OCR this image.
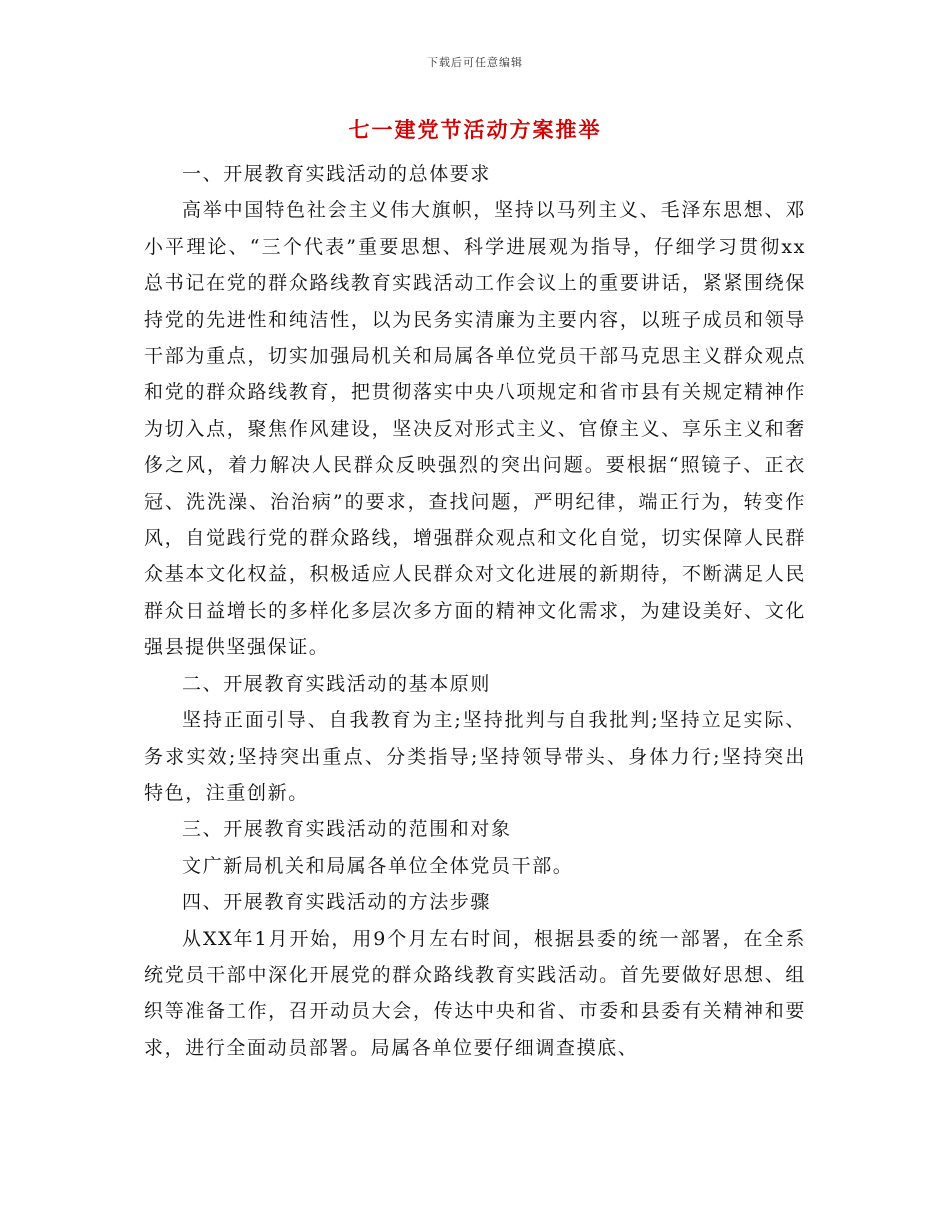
下载后可任意编辑
七一建党节活动方案推举

一、开展教育实践活动的总体要求

高举中国特色社会主义伟大旗帜，坚持以马列主义、毛泽东思想、邓小平理论、“三个代表”重要思想、科学进展观为指导，仔细学习贯彻xx总书记在党的群众路线教育实践活动工作会议上的重要讲话，紧紧围绕保持党的先进性和纯洁性，以为民务实清廉为主要内容，以班子成员和领导干部为重点，切实加强局机关和局属各单位党员干部马克思主义群众观点和党的群众路线教育，把贯彻落实中央八项规定和省市县有关规定精神作为切入点，聚焦作风建设，坚决反对形式主义、官僚主义、享乐主义和奢侈之风，着力解决人民群众反映强烈的突出问题。要根据“照镜子、正衣冠、洗洗澡、治治病”的要求，查找问题，严明纪律，端正行为，转变作风，自觉践行党的群众路线，增强群众观点和文化自觉，切实保障人民群众基本文化权益，积极适应人民群众对文化进展的新期待，不断满足人民群众日益增长的多样化多层次多方面的精神文化需求，为建设美好、文化强县提供坚强保证。

二、开展教育实践活动的基本原则

坚持正面引导、自我教育为主;坚持批判与自我批判;坚持立足实际、务求实效;坚持突出重点、分类指导;坚持领导带头、身体力行;坚持突出特色，注重创新。

三、开展教育实践活动的范围和对象

文广新局机关和局属各单位全体党员干部。

四、开展教育实践活动的方法步骤

从XX年1月开始，用9个月左右时间，根据县委的统一部署，在全系统党员干部中深化开展党的群众路线教育实践活动。首先要做好思想、组织等准备工作，召开动员大会，传达中央和省、市委和县委有关精神和要求，进行全面动员部署。局属各单位要仔细调查摸底、
